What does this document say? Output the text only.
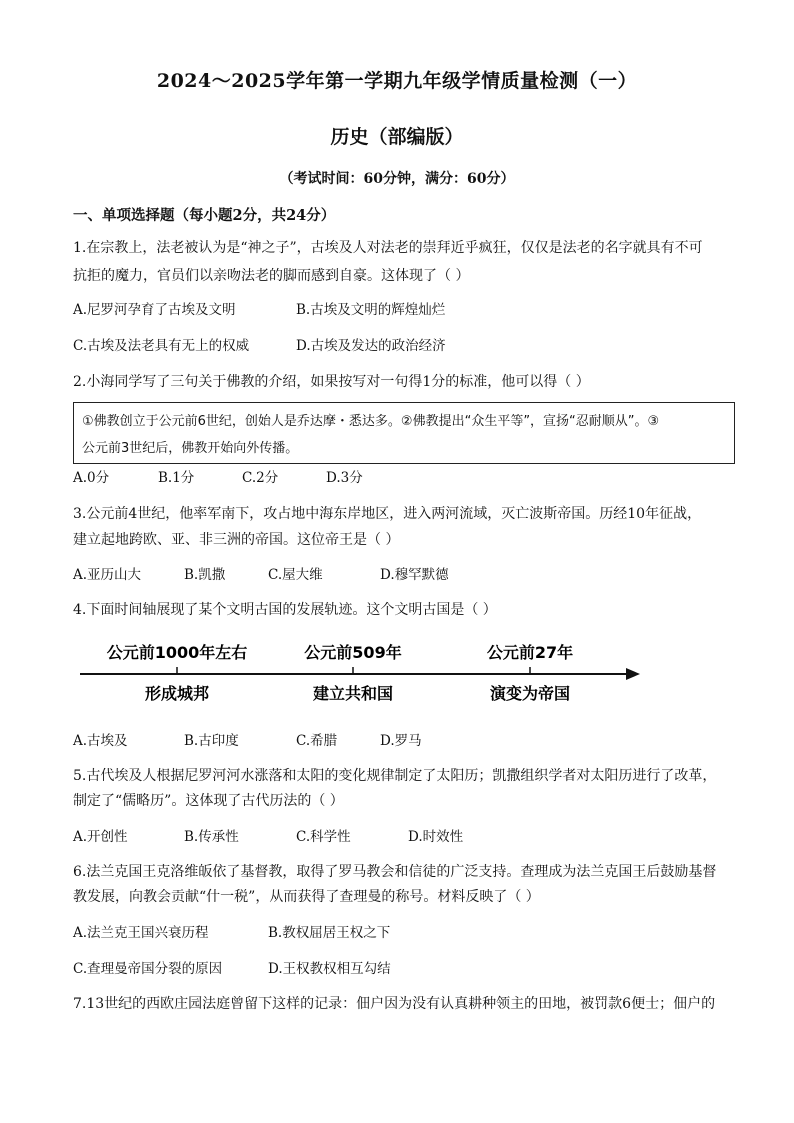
2024～2025学年第一学期九年级学情质量检测（一）
历史（部编版）
（考试时间：60分钟，满分：60分）
一、单项选择题（每小题2分，共24分）
1.在宗教上，法老被认为是“神之子”，古埃及人对法老的崇拜近乎疯狂，仅仅是法老的名字就具有不可
抗拒的魔力，官员们以亲吻法老的脚而感到自豪。这体现了（ ）
A.尼罗河孕育了古埃及文明	B.古埃及文明的辉煌灿烂
C.古埃及法老具有无上的权威	D.古埃及发达的政治经济
2.小海同学写了三句关于佛教的介绍，如果按写对一句得1分的标准，他可以得（ ）
①佛教创立于公元前6世纪，创始人是乔达摩・悉达多。②佛教提出“众生平等”，宣扬“忍耐顺从”。③
公元前3世纪后，佛教开始向外传播。
A.0分	B.1分	C.2分	D.3分
3.公元前4世纪，他率军南下，攻占地中海东岸地区，进入两河流域，灭亡波斯帝国。历经10年征战，
建立起地跨欧、亚、非三洲的帝国。这位帝王是（ ）
A.亚历山大	B.凯撒	C.屋大维	D.穆罕默德
4.下面时间轴展现了某个文明古国的发展轨迹。这个文明古国是（ ）
公元前1000年左右	公元前509年	公元前27年
形成城邦	建立共和国	演变为帝国
A.古埃及	B.古印度	C.希腊	D.罗马
5.古代埃及人根据尼罗河河水涨落和太阳的变化规律制定了太阳历；凯撒组织学者对太阳历进行了改革，
制定了“儒略历”。这体现了古代历法的（ ）
A.开创性	B.传承性	C.科学性	D.时效性
6.法兰克国王克洛维皈依了基督教，取得了罗马教会和信徒的广泛支持。查理成为法兰克国王后鼓励基督
教发展，向教会贡献“什一税”，从而获得了查理曼的称号。材料反映了（ ）
A.法兰克王国兴衰历程	B.教权屈居王权之下
C.查理曼帝国分裂的原因	D.王权教权相互勾结
7.13世纪的西欧庄园法庭曾留下这样的记录：佃户因为没有认真耕种领主的田地，被罚款6便士；佃户的
